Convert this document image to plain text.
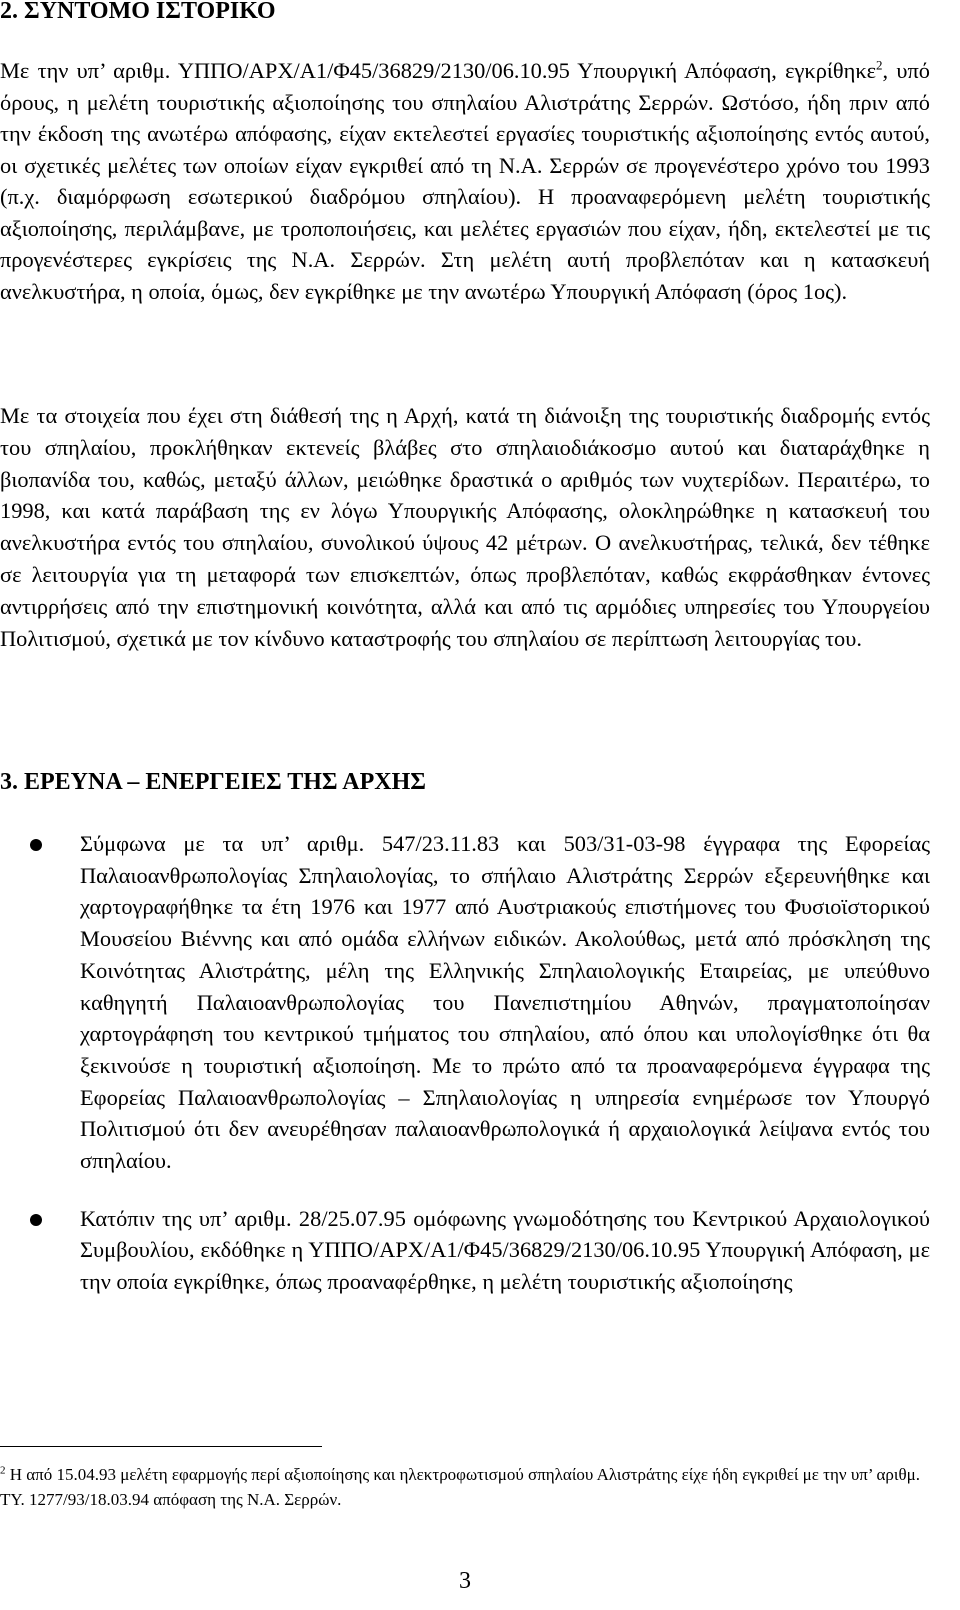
2. ΣΥΝΤΟΜΟ ΙΣΤΟΡΙΚΟ

Με την υπ’ αριθμ. ΥΠΠΟ/ΑΡΧ/Α1/Φ45/36829/2130/06.10.95 Υπουργική Απόφαση, εγκρίθηκε$^2$, υπό όρους, η μελέτη τουριστικής αξιοποίησης του σπηλαίου Αλιστράτης Σερρών. Ωστόσο, ήδη πριν από την έκδοση της ανωτέρω απόφασης, είχαν εκτελεστεί εργασίες τουριστικής αξιοποίησης εντός αυτού, οι σχετικές μελέτες των οποίων είχαν εγκριθεί από τη Ν.Α. Σερρών σε προγενέστερο χρόνο του 1993 (π.χ. διαμόρφωση εσωτερικού διαδρόμου σπηλαίου). Η προαναφερόμενη μελέτη τουριστικής αξιοποίησης, περιλάμβανε, με τροποποιήσεις, και μελέτες εργασιών που είχαν, ήδη, εκτελεστεί με τις προγενέστερες εγκρίσεις της Ν.Α. Σερρών. Στη μελέτη αυτή προβλεπόταν και η κατασκευή ανελκυστήρα, η οποία, όμως, δεν εγκρίθηκε με την ανωτέρω Υπουργική Απόφαση (όρος 1ος).

Με τα στοιχεία που έχει στη διάθεσή της η Αρχή, κατά τη διάνοιξη της τουριστικής διαδρομής εντός του σπηλαίου, προκλήθηκαν εκτενείς βλάβες στο σπηλαιοδιάκοσμο αυτού και διαταράχθηκε η βιοπανίδα του, καθώς, μεταξύ άλλων, μειώθηκε δραστικά ο αριθμός των νυχτερίδων. Περαιτέρω, το 1998, και κατά παράβαση της εν λόγω Υπουργικής Απόφασης, ολοκληρώθηκε η κατασκευή του ανελκυστήρα εντός του σπηλαίου, συνολικού ύψους 42 μέτρων. Ο ανελκυστήρας, τελικά, δεν τέθηκε σε λειτουργία για τη μεταφορά των επισκεπτών, όπως προβλεπόταν, καθώς εκφράσθηκαν έντονες αντιρρήσεις από την επιστημονική κοινότητα, αλλά και από τις αρμόδιες υπηρεσίες του Υπουργείου Πολιτισμού, σχετικά με τον κίνδυνο καταστροφής του σπηλαίου σε περίπτωση λειτουργίας του.

3. ΕΡΕΥΝΑ – ΕΝΕΡΓΕΙΕΣ ΤΗΣ ΑΡΧΗΣ

Σύμφωνα με τα υπ’ αριθμ. 547/23.11.83 και 503/31-03-98 έγγραφα της Εφορείας Παλαιοανθρωπολογίας Σπηλαιολογίας, το σπήλαιο Αλιστράτης Σερρών εξερευνήθηκε και χαρτογραφήθηκε τα έτη 1976 και 1977 από Αυστριακούς επιστήμονες του Φυσιοϊστορικού Μουσείου Βιέννης και από ομάδα ελλήνων ειδικών. Ακολούθως, μετά από πρόσκληση της Κοινότητας Αλιστράτης, μέλη της Ελληνικής Σπηλαιολογικής Εταιρείας, με υπεύθυνο καθηγητή Παλαιοανθρωπολογίας του Πανεπιστημίου Αθηνών, πραγματοποίησαν χαρτογράφηση του κεντρικού τμήματος του σπηλαίου, από όπου και υπολογίσθηκε ότι θα ξεκινούσε η τουριστική αξιοποίηση. Με το πρώτο από τα προαναφερόμενα έγγραφα της Εφορείας Παλαιοανθρωπολογίας – Σπηλαιολογίας η υπηρεσία ενημέρωσε τον Υπουργό Πολιτισμού ότι δεν ανευρέθησαν παλαιοανθρωπολογικά ή αρχαιολογικά λείψανα εντός του σπηλαίου.

Κατόπιν της υπ’ αριθμ. 28/25.07.95 ομόφωνης γνωμοδότησης του Κεντρικού Αρχαιολογικού Συμβουλίου, εκδόθηκε η ΥΠΠΟ/ΑΡΧ/Α1/Φ45/36829/2130/06.10.95 Υπουργική Απόφαση, με την οποία εγκρίθηκε, όπως προαναφέρθηκε, η μελέτη τουριστικής αξιοποίησης

$^2$ Η από 15.04.93 μελέτη εφαρμογής περί αξιοποίησης και ηλεκτροφωτισμού σπηλαίου Αλιστράτης είχε ήδη εγκριθεί με την υπ’ αριθμ. ΤΥ. 1277/93/18.03.94 απόφαση της Ν.Α. Σερρών.

3
